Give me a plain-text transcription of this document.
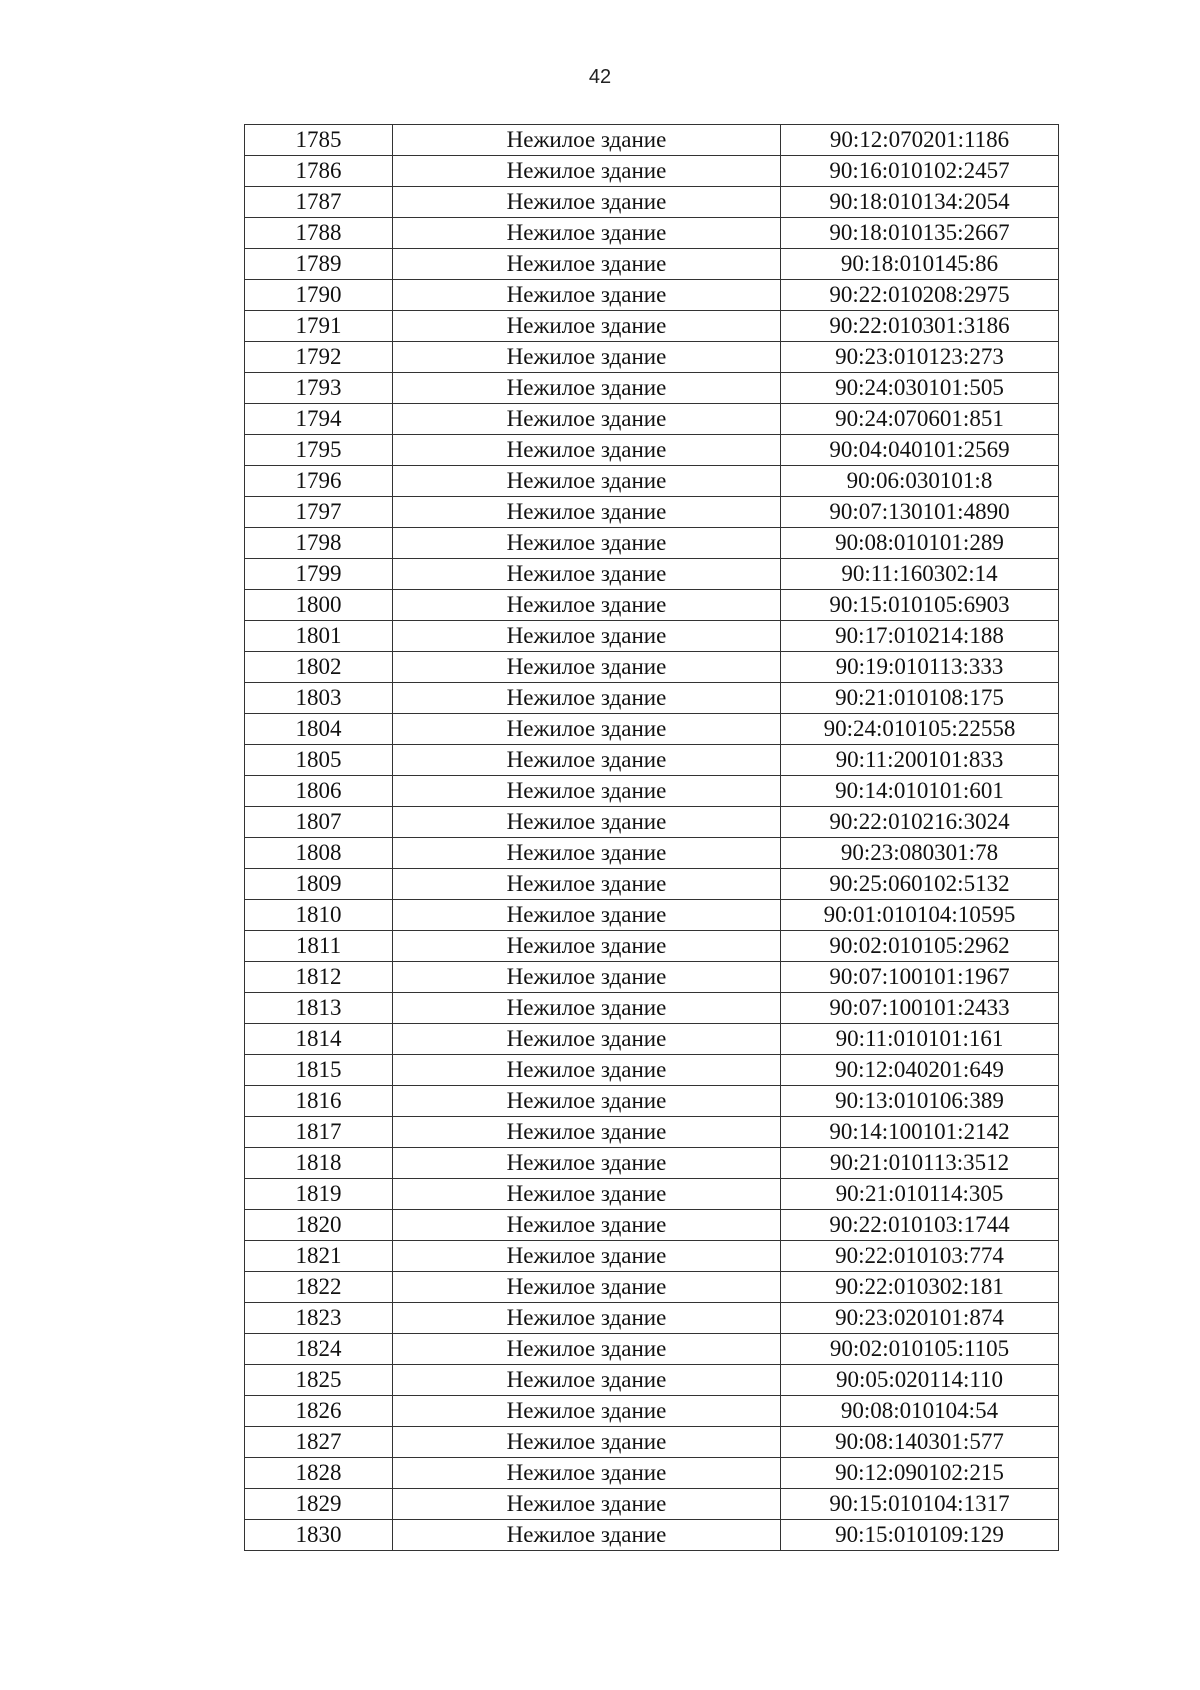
42
1785	Нежилое здание	90:12:070201:1186
1786	Нежилое здание	90:16:010102:2457
1787	Нежилое здание	90:18:010134:2054
1788	Нежилое здание	90:18:010135:2667
1789	Нежилое здание	90:18:010145:86
1790	Нежилое здание	90:22:010208:2975
1791	Нежилое здание	90:22:010301:3186
1792	Нежилое здание	90:23:010123:273
1793	Нежилое здание	90:24:030101:505
1794	Нежилое здание	90:24:070601:851
1795	Нежилое здание	90:04:040101:2569
1796	Нежилое здание	90:06:030101:8
1797	Нежилое здание	90:07:130101:4890
1798	Нежилое здание	90:08:010101:289
1799	Нежилое здание	90:11:160302:14
1800	Нежилое здание	90:15:010105:6903
1801	Нежилое здание	90:17:010214:188
1802	Нежилое здание	90:19:010113:333
1803	Нежилое здание	90:21:010108:175
1804	Нежилое здание	90:24:010105:22558
1805	Нежилое здание	90:11:200101:833
1806	Нежилое здание	90:14:010101:601
1807	Нежилое здание	90:22:010216:3024
1808	Нежилое здание	90:23:080301:78
1809	Нежилое здание	90:25:060102:5132
1810	Нежилое здание	90:01:010104:10595
1811	Нежилое здание	90:02:010105:2962
1812	Нежилое здание	90:07:100101:1967
1813	Нежилое здание	90:07:100101:2433
1814	Нежилое здание	90:11:010101:161
1815	Нежилое здание	90:12:040201:649
1816	Нежилое здание	90:13:010106:389
1817	Нежилое здание	90:14:100101:2142
1818	Нежилое здание	90:21:010113:3512
1819	Нежилое здание	90:21:010114:305
1820	Нежилое здание	90:22:010103:1744
1821	Нежилое здание	90:22:010103:774
1822	Нежилое здание	90:22:010302:181
1823	Нежилое здание	90:23:020101:874
1824	Нежилое здание	90:02:010105:1105
1825	Нежилое здание	90:05:020114:110
1826	Нежилое здание	90:08:010104:54
1827	Нежилое здание	90:08:140301:577
1828	Нежилое здание	90:12:090102:215
1829	Нежилое здание	90:15:010104:1317
1830	Нежилое здание	90:15:010109:129
